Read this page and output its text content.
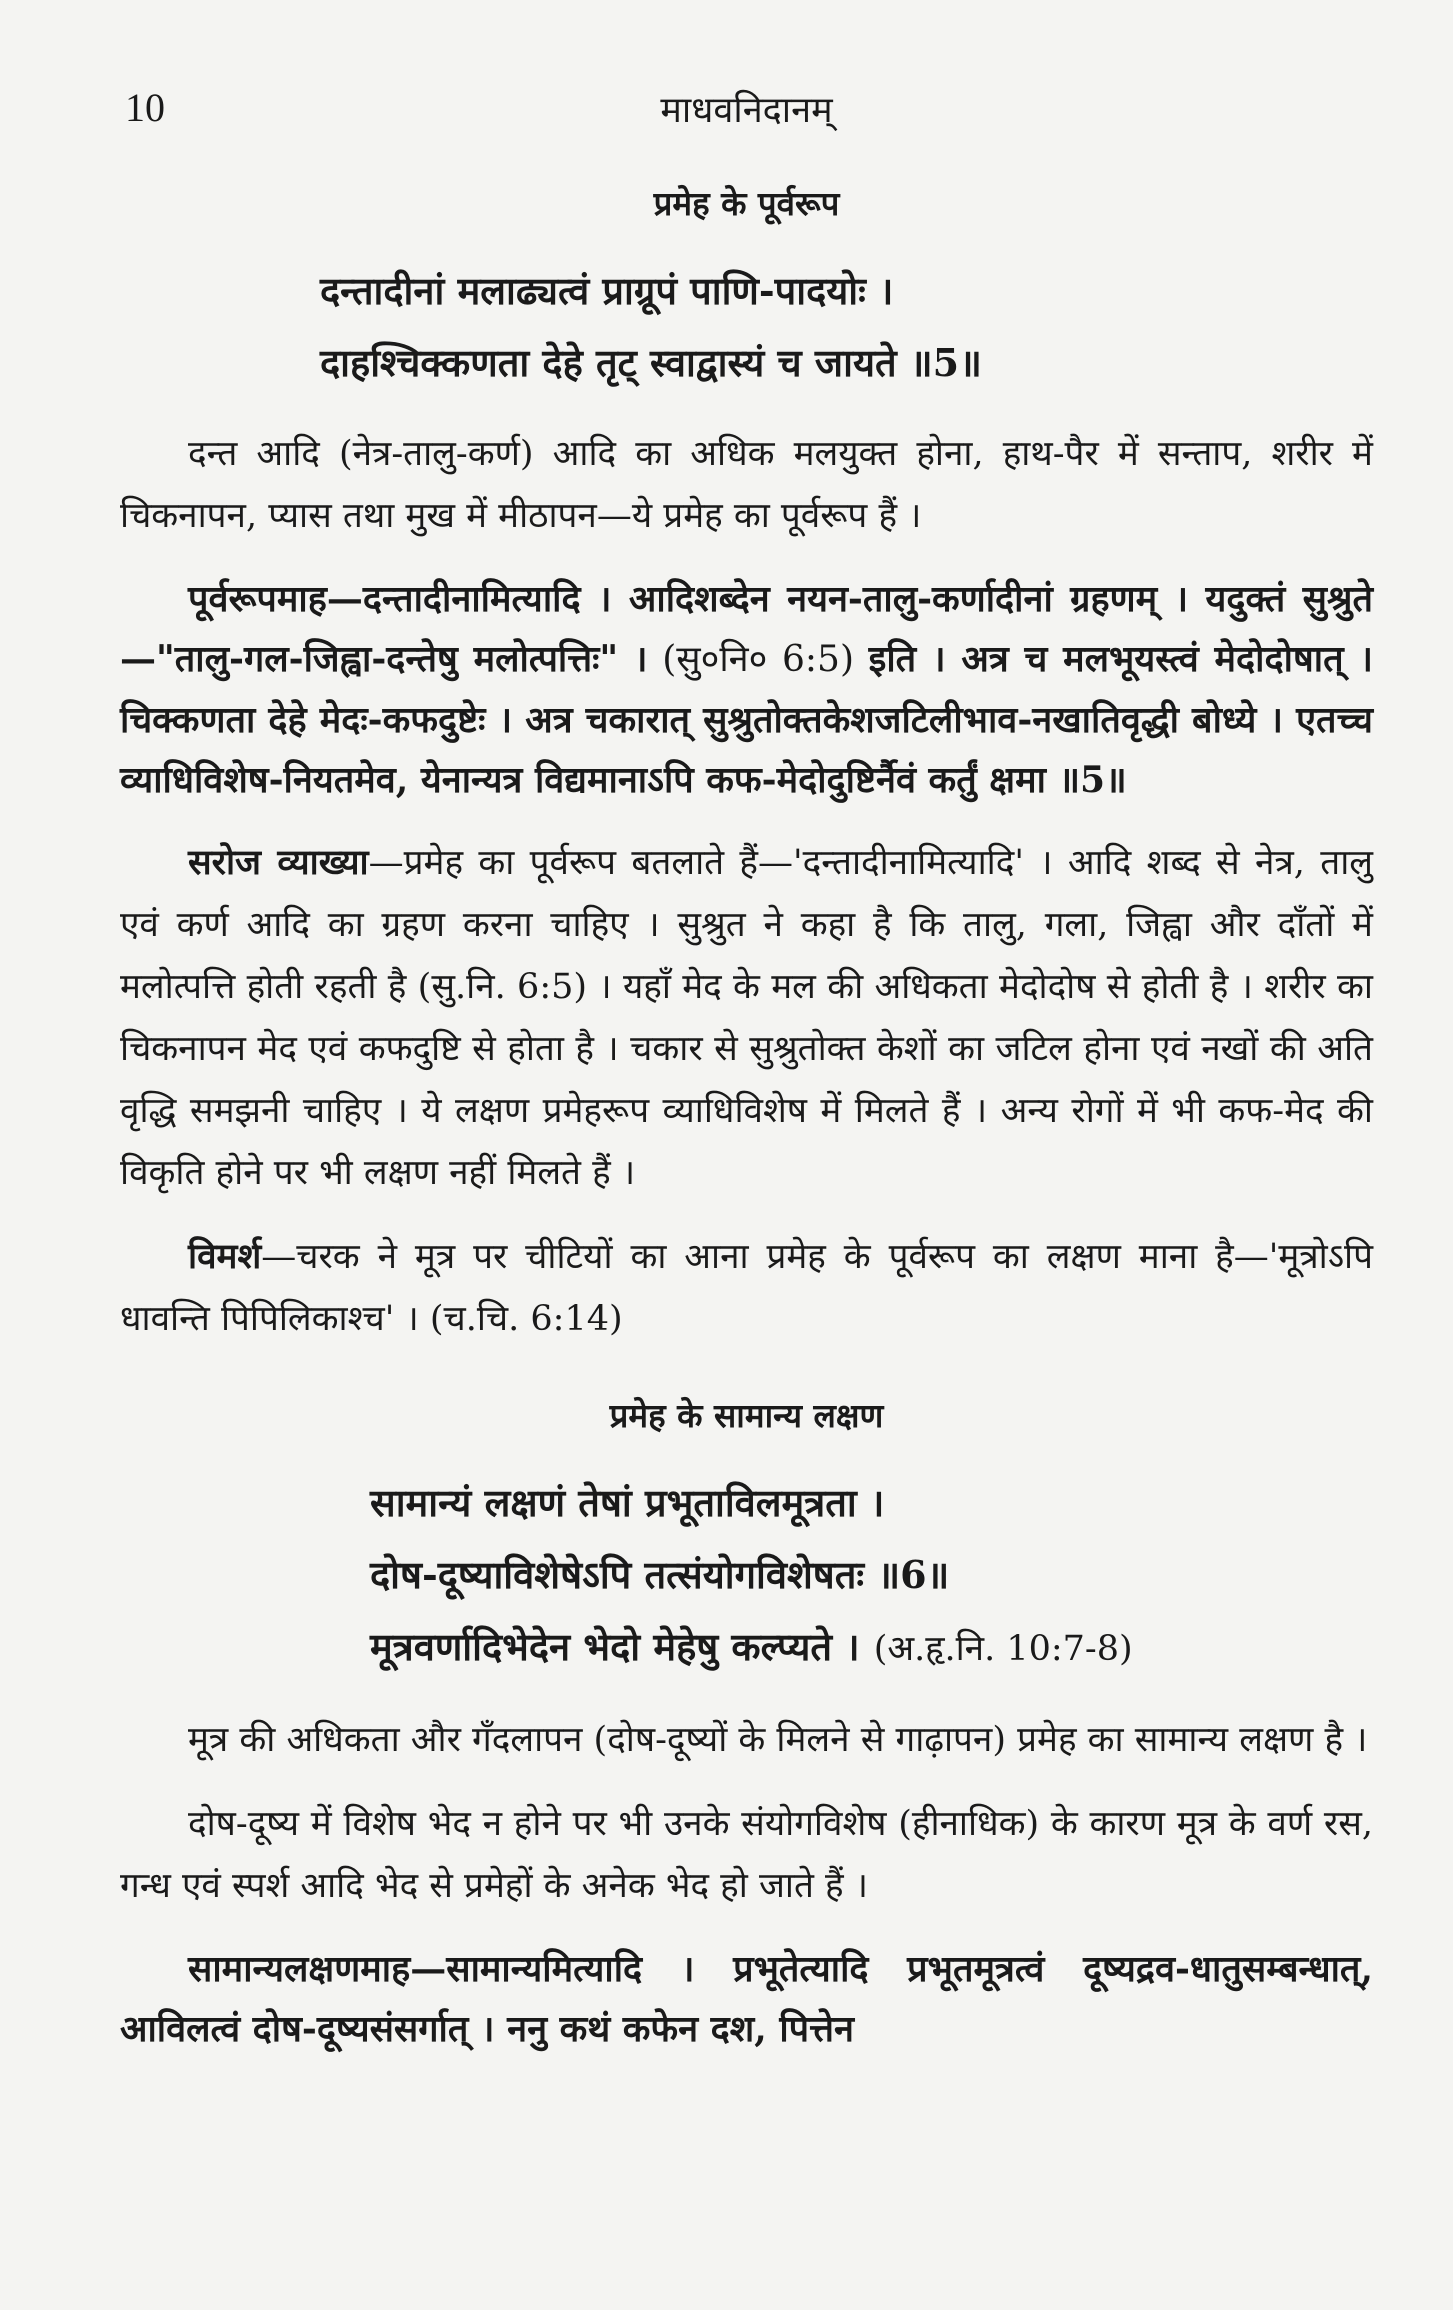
10	माधवनिदानम्
प्रमेह के पूर्वरूप
दन्तादीनां मलाढ्यत्वं प्राग्रूपं पाणि-पादयोः ।
दाहश्चिक्कणता देहे तृट् स्वाद्वास्यं च जायते ॥5॥

दन्त आदि (नेत्र-तालु-कर्ण) आदि का अधिक मलयुक्त होना, हाथ-पैर में सन्ताप, शरीर में चिकनापन, प्यास तथा मुख में मीठापन—ये प्रमेह का पूर्वरूप हैं ।

पूर्वरूपमाह—दन्तादीनामित्यादि । आदिशब्देन नयन-तालु-कर्णादीनां ग्रहणम् । यदुक्तं सुश्रुते—"तालु-गल-जिह्वा-दन्तेषु मलोत्पत्तिः" । (सु०नि० 6:5) इति । अत्र च मलभूयस्त्वं मेदोदोषात् । चिक्कणता देहे मेदः-कफदुष्टेः । अत्र चकारात् सुश्रुतोक्तकेशजटिलीभाव-नखातिवृद्धी बोध्ये । एतच्च व्याधिविशेष-नियतमेव, येनान्यत्र विद्यमानाऽपि कफ-मेदोदुष्टिर्नैवं कर्तुं क्षमा ॥5॥

सरोज व्याख्या—प्रमेह का पूर्वरूप बतलाते हैं—'दन्तादीनामित्यादि' । आदि शब्द से नेत्र, तालु एवं कर्ण आदि का ग्रहण करना चाहिए । सुश्रुत ने कहा है कि तालु, गला, जिह्वा और दाँतों में मलोत्पत्ति होती रहती है (सु.नि. 6:5) । यहाँ मेद के मल की अधिकता मेदोदोष से होती है । शरीर का चिकनापन मेद एवं कफदुष्टि से होता है । चकार से सुश्रुतोक्त केशों का जटिल होना एवं नखों की अति वृद्धि समझनी चाहिए । ये लक्षण प्रमेहरूप व्याधिविशेष में मिलते हैं । अन्य रोगों में भी कफ-मेद की विकृति होने पर भी लक्षण नहीं मिलते हैं ।

विमर्श—चरक ने मूत्र पर चीटियों का आना प्रमेह के पूर्वरूप का लक्षण माना है—'मूत्रोऽपि धावन्ति पिपिलिकाश्च' । (च.चि. 6:14)

प्रमेह के सामान्य लक्षण
सामान्यं लक्षणं तेषां प्रभूताविलमूत्रता ।
दोष-दूष्याविशेषेऽपि तत्संयोगविशेषतः ॥6॥
मूत्रवर्णादिभेदेन भेदो मेहेषु कल्प्यते । (अ.हृ.नि. 10:7-8)

मूत्र की अधिकता और गँदलापन (दोष-दूष्यों के मिलने से गाढ़ापन) प्रमेह का सामान्य लक्षण है ।

दोष-दूष्य में विशेष भेद न होने पर भी उनके संयोगविशेष (हीनाधिक) के कारण मूत्र के वर्ण रस, गन्ध एवं स्पर्श आदि भेद से प्रमेहों के अनेक भेद हो जाते हैं ।

सामान्यलक्षणमाह—सामान्यमित्यादि । प्रभूतेत्यादि प्रभूतमूत्रत्वं दूष्यद्रव-धातुसम्बन्धात्, आविलत्वं दोष-दूष्यसंसर्गात् । ननु कथं कफेन दश, पित्तेन
